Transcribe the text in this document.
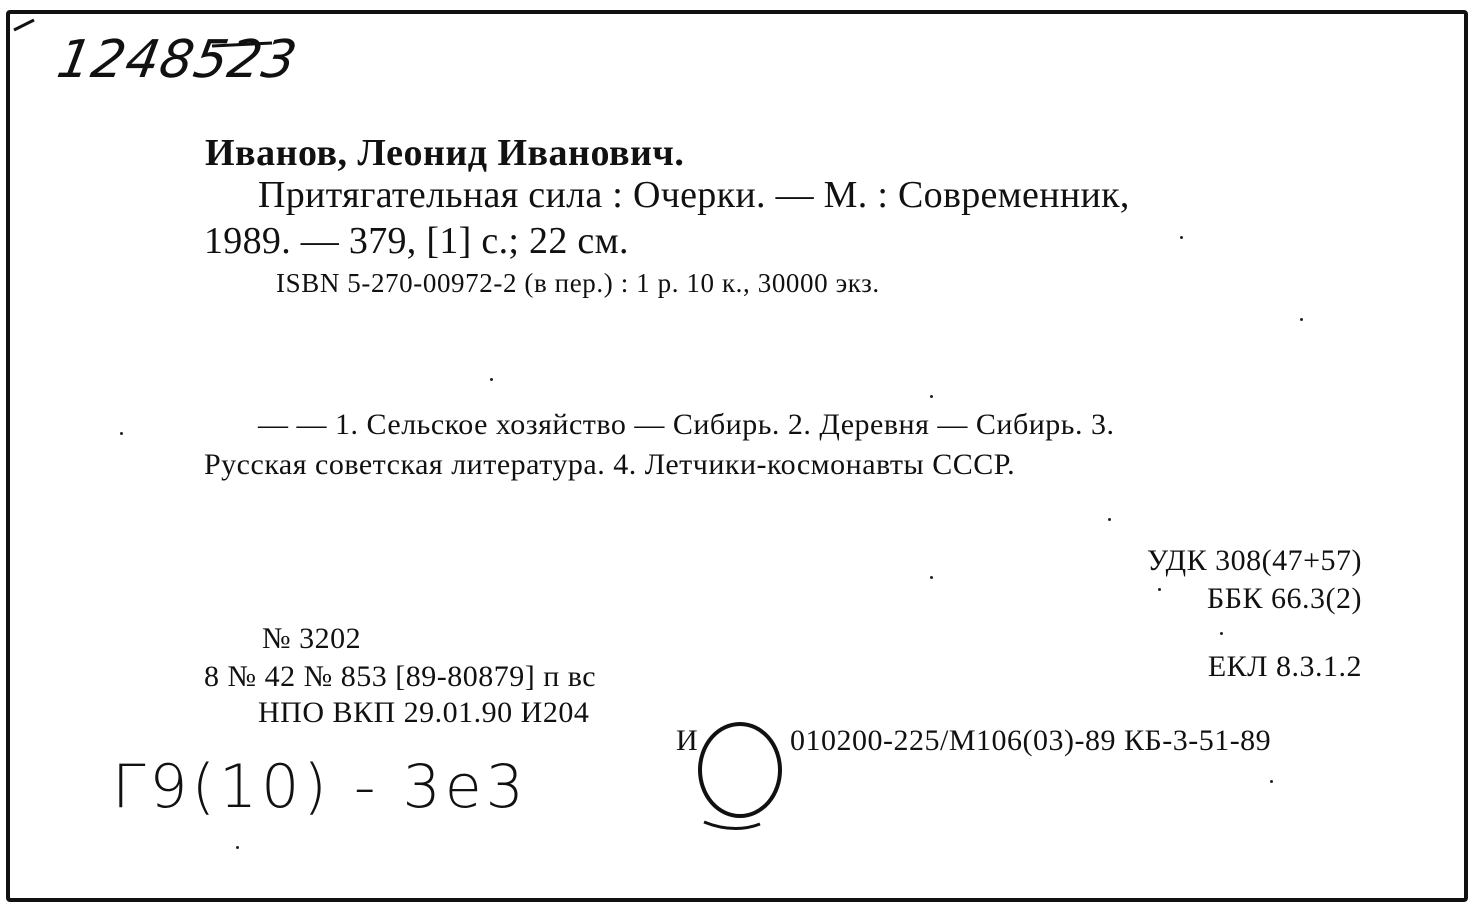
1248523
Иванов, Леонид Иванович.
Притягательная сила : Очерки. — М. : Современник,
1989. — 379, [1] с.; 22 см.
ISBN 5-270-00972-2 (в пер.) : 1 р. 10 к., 30000 экз.
— — 1. Сельское хозяйство — Сибирь. 2. Деревня — Сибирь. 3.
Русская советская литература. 4. Летчики-космонавты СССР.
УДК 308(47+57)
ББК 66.3(2)
№ 3202
8 № 42 № 853 [89-80879] п вс	ЕКЛ 8.3.1.2
НПО ВКП 29.01.90 И204
И	010200-225/М106(03)-89 КБ-3-51-89
Г9(10) - 3е3
